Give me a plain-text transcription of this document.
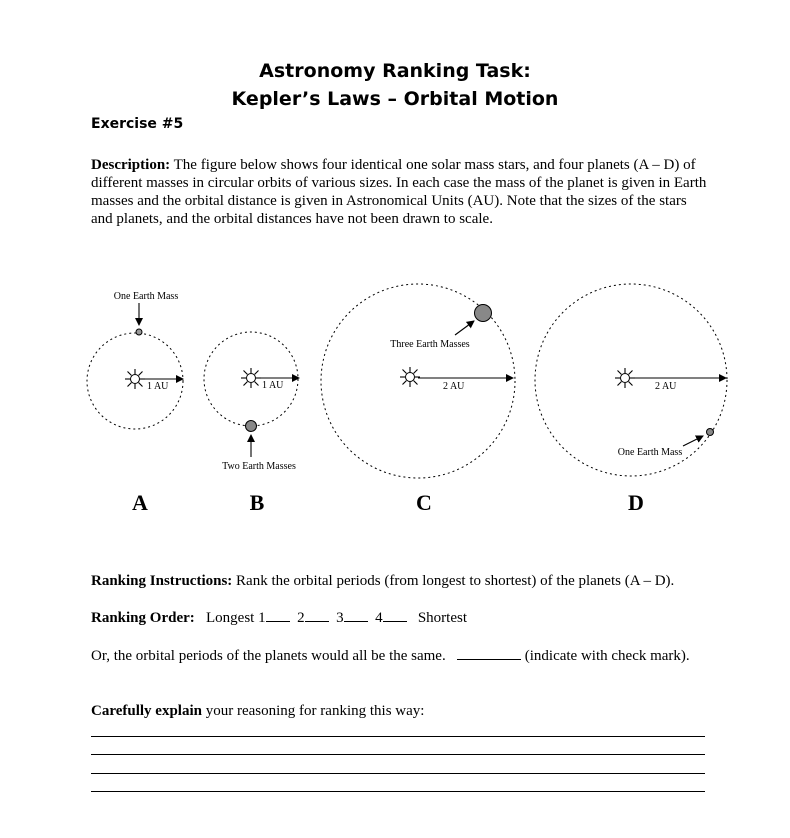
Astronomy Ranking Task:
Kepler’s Laws – Orbital Motion
Exercise #5
Description: The figure below shows four identical one solar mass stars, and four planets (A – D) of different masses in circular orbits of various sizes. In each case the mass of the planet is given in Earth masses and the orbital distance is given in Astronomical Units (AU). Note that the sizes of the stars and planets, and the orbital distances have not been drawn to scale.
1 AU
One Earth Mass
A
1 AU
Two Earth Masses
B
2 AU
Three Earth Masses
C
2 AU
One Earth Mass
D
Ranking Instructions: Rank the orbital periods (from longest to shortest) of the planets (A – D).
Ranking Order: Longest 1 2 3 4 Shortest
Or, the orbital periods of the planets would all be the same.	(indicate with check mark).
Carefully explain your reasoning for ranking this way:
